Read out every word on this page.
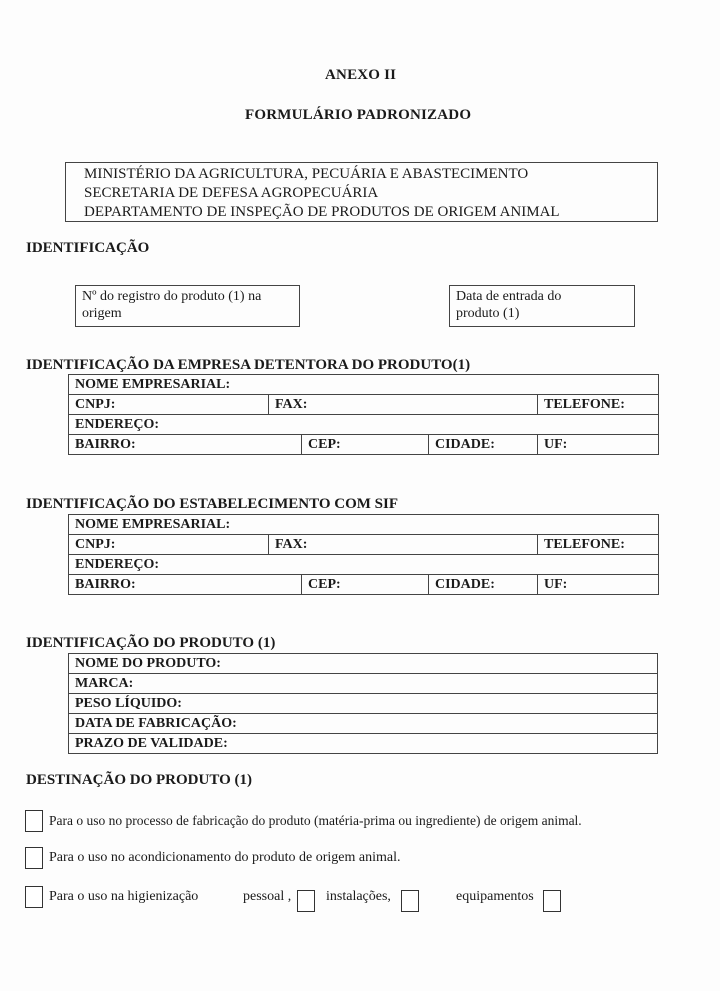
ANEXO II
FORMULÁRIO PADRONIZADO
MINISTÉRIO DA AGRICULTURA, PECUÁRIA E ABASTECIMENTO
SECRETARIA DE DEFESA AGROPECUÁRIA
DEPARTAMENTO DE INSPEÇÃO DE PRODUTOS DE ORIGEM ANIMAL
IDENTIFICAÇÃO
Nº do registro do produto (1) na
origem
Data de entrada do
produto (1)
IDENTIFICAÇÃO DA EMPRESA DETENTORA DO PRODUTO(1)
NOME EMPRESARIAL:				
CNPJ:	FAX:			TELEFONE:
ENDEREÇO:				
BAIRRO:		CEP:	CIDADE:	UF:
IDENTIFICAÇÃO DO ESTABELECIMENTO COM SIF
NOME EMPRESARIAL:				
CNPJ:	FAX:			TELEFONE:
ENDEREÇO:				
BAIRRO:		CEP:	CIDADE:	UF:
IDENTIFICAÇÃO DO PRODUTO (1)
NOME DO PRODUTO:
MARCA:
PESO LÍQUIDO:
DATA DE FABRICAÇÃO:
PRAZO DE VALIDADE:
DESTINAÇÃO DO PRODUTO (1)
Para o uso no processo de fabricação do produto (matéria-prima ou ingrediente) de origem animal.
Para o uso no acondicionamento do produto de origem animal.
Para o uso na higienização	pessoal , instalações,	equipamentos
